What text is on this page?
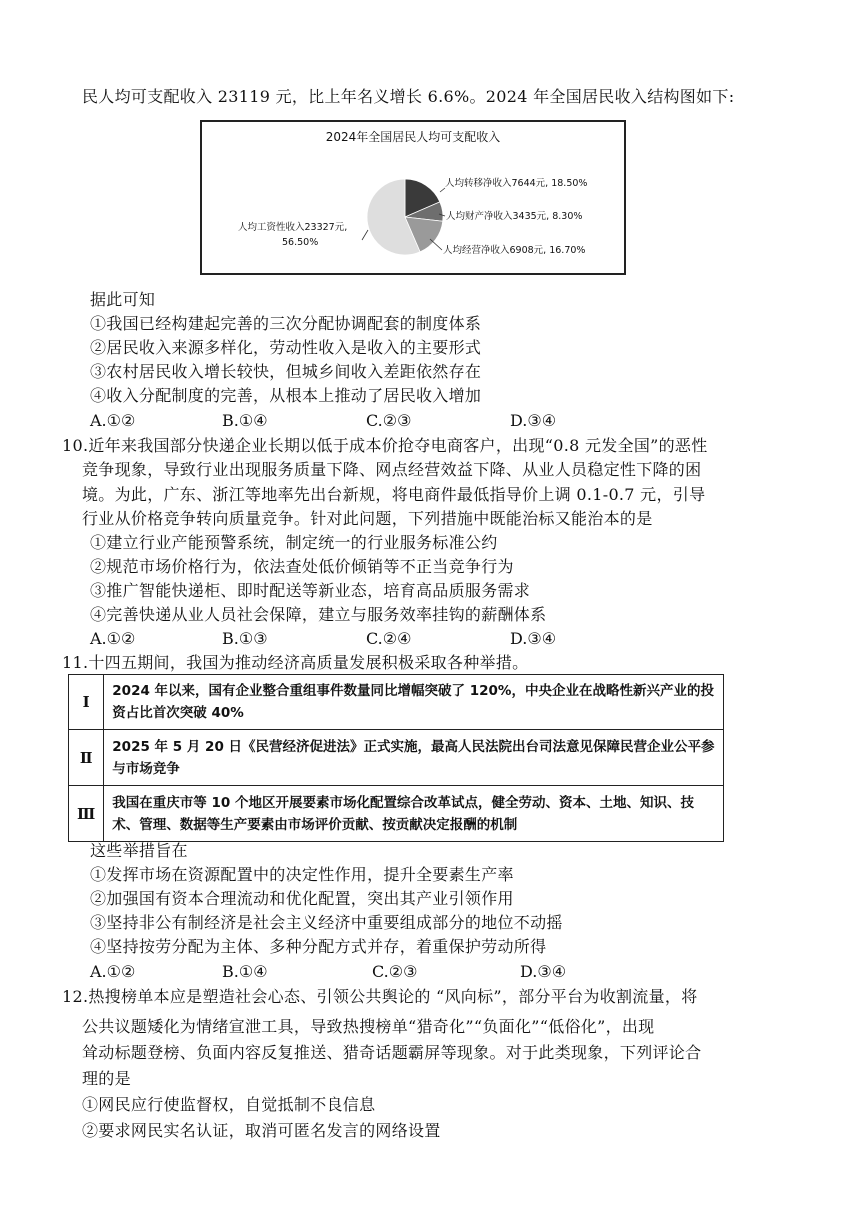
民人均可支配收入 23119 元，比上年名义增长 6.6%。2024 年全国居民收入结构图如下:
2024年全国居民人均可支配收入
人均转移净收入7644元, 18.50%
人均财产净收入3435元, 8.30%
人均经营净收入6908元, 16.70%
人均工资性收入23327元,
56.50%
据此可知
①我国已经构建起完善的三次分配协调配套的制度体系
②居民收入来源多样化，劳动性收入是收入的主要形式
③农村居民收入增长较快，但城乡间收入差距依然存在
④收入分配制度的完善，从根本上推动了居民收入增加
A.①②	B.①④	C.②③	D.③④
10.近年来我国部分快递企业长期以低于成本价抢夺电商客户，出现“0.8 元发全国”的恶性
竞争现象，导致行业出现服务质量下降、网点经营效益下降、从业人员稳定性下降的困
境。为此，广东、浙江等地率先出台新规，将电商件最低指导价上调 0.1-0.7 元，引导
行业从价格竞争转向质量竞争。针对此问题，下列措施中既能治标又能治本的是
①建立行业产能预警系统，制定统一的行业服务标准公约
②规范市场价格行为，依法查处低价倾销等不正当竞争行为
③推广智能快递柜、即时配送等新业态，培育高品质服务需求
④完善快递从业人员社会保障，建立与服务效率挂钩的薪酬体系
A.①②	B.①③	C.②④	D.③④
11.十四五期间，我国为推动经济高质量发展积极采取各种举措。
Ⅰ	2024 年以来，国有企业整合重组事件数量同比增幅突破了 120%，中央企业在战略性新兴产业的投资占比首次突破 40%
Ⅱ	2025 年 5 月 20 日《民营经济促进法》正式实施，最高人民法院出台司法意见保障民营企业公平参与市场竞争
Ⅲ	我国在重庆市等 10 个地区开展要素市场化配置综合改革试点，健全劳动、资本、土地、知识、技术、管理、数据等生产要素由市场评价贡献、按贡献决定报酬的机制
这些举措旨在
①发挥市场在资源配置中的决定性作用，提升全要素生产率
②加强国有资本合理流动和优化配置，突出其产业引领作用
③坚持非公有制经济是社会主义经济中重要组成部分的地位不动摇
④坚持按劳分配为主体、多种分配方式并存，着重保护劳动所得
A.①②	B.①④	C.②③	D.③④
12.热搜榜单本应是塑造社会心态、引领公共舆论的 “风向标”，部分平台为收割流量，将
公共议题矮化为情绪宣泄工具，导致热搜榜单“猎奇化”“负面化”“低俗化”，出现
耸动标题登榜、负面内容反复推送、猎奇话题霸屏等现象。对于此类现象，下列评论合
理的是
①网民应行使监督权，自觉抵制不良信息
②要求网民实名认证，取消可匿名发言的网络设置
